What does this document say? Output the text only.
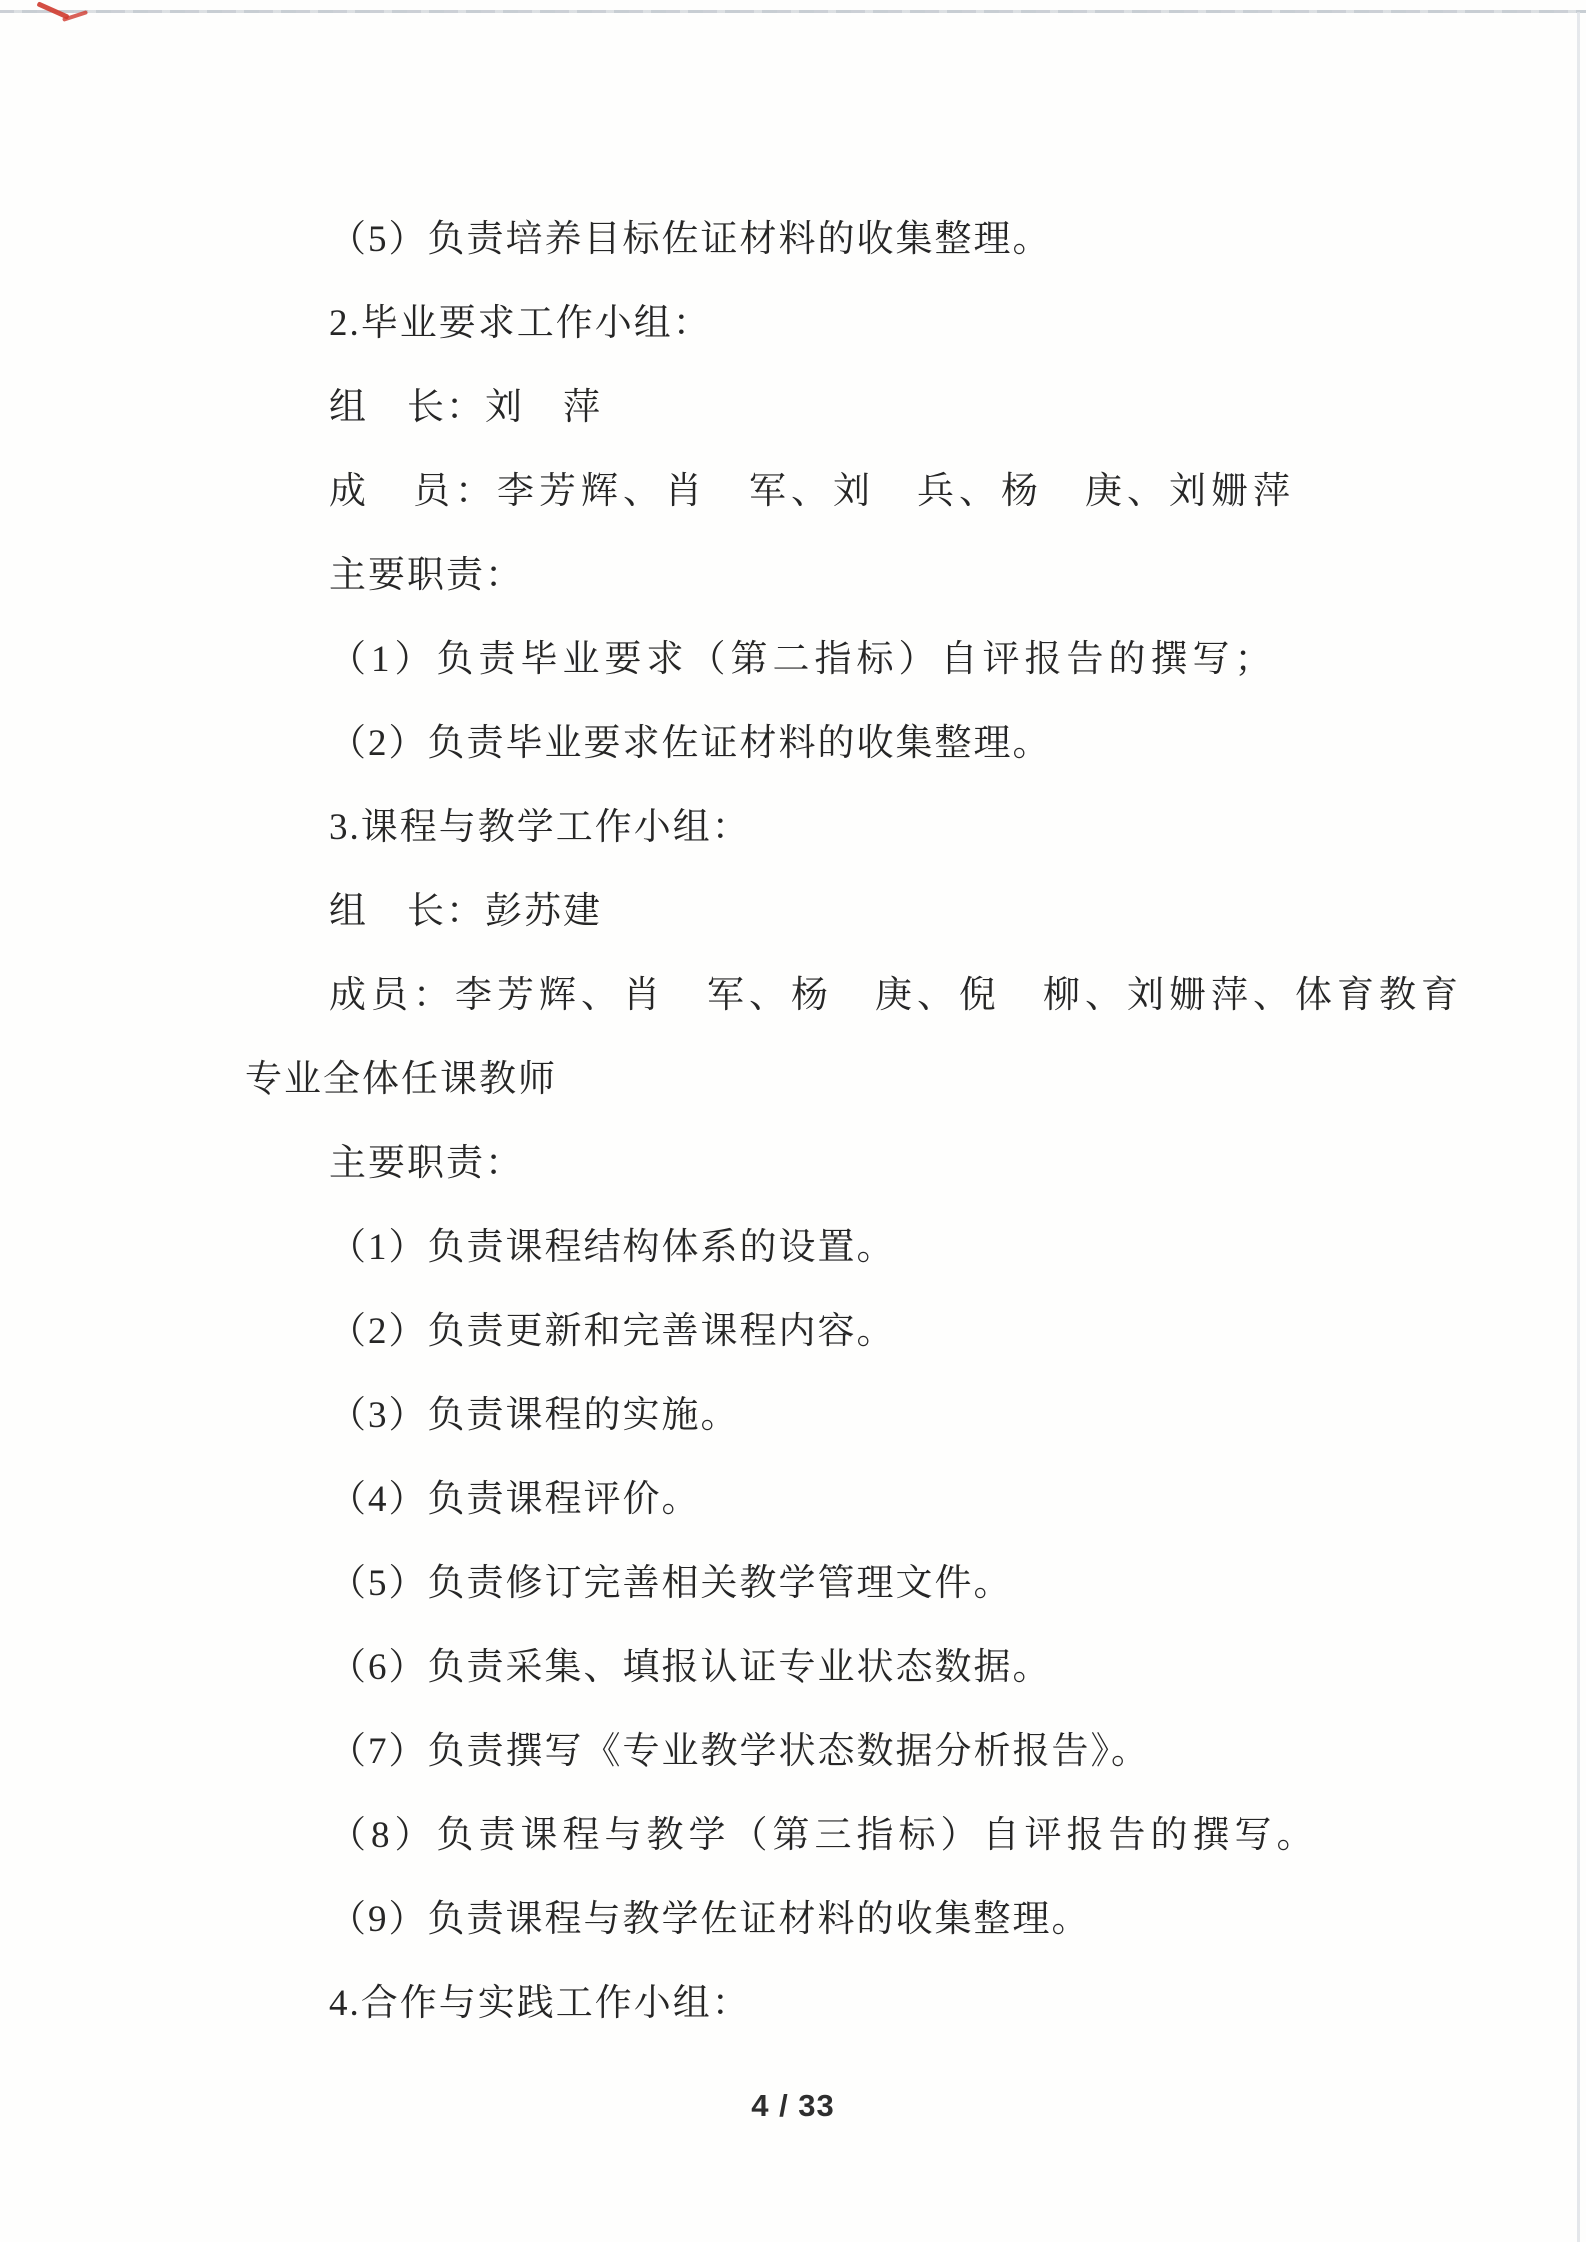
（5）负责培养目标佐证材料的收集整理。
2.毕业要求工作小组：
组　长：刘　萍
成　员：李芳辉、肖　军、刘　兵、杨　庚、刘姗萍
主要职责：
（1）负责毕业要求（第二指标）自评报告的撰写；
（2）负责毕业要求佐证材料的收集整理。
3.课程与教学工作小组：
组　长：彭苏建
成员：李芳辉、肖　军、杨　庚、倪　柳、刘姗萍、体育教育
专业全体任课教师
主要职责：
（1）负责课程结构体系的设置。
（2）负责更新和完善课程内容。
（3）负责课程的实施。
（4）负责课程评价。
（5）负责修订完善相关教学管理文件。
（6）负责采集、填报认证专业状态数据。
（7）负责撰写《专业教学状态数据分析报告》。
（8）负责课程与教学（第三指标）自评报告的撰写。
（9）负责课程与教学佐证材料的收集整理。
4.合作与实践工作小组：
4 / 33
